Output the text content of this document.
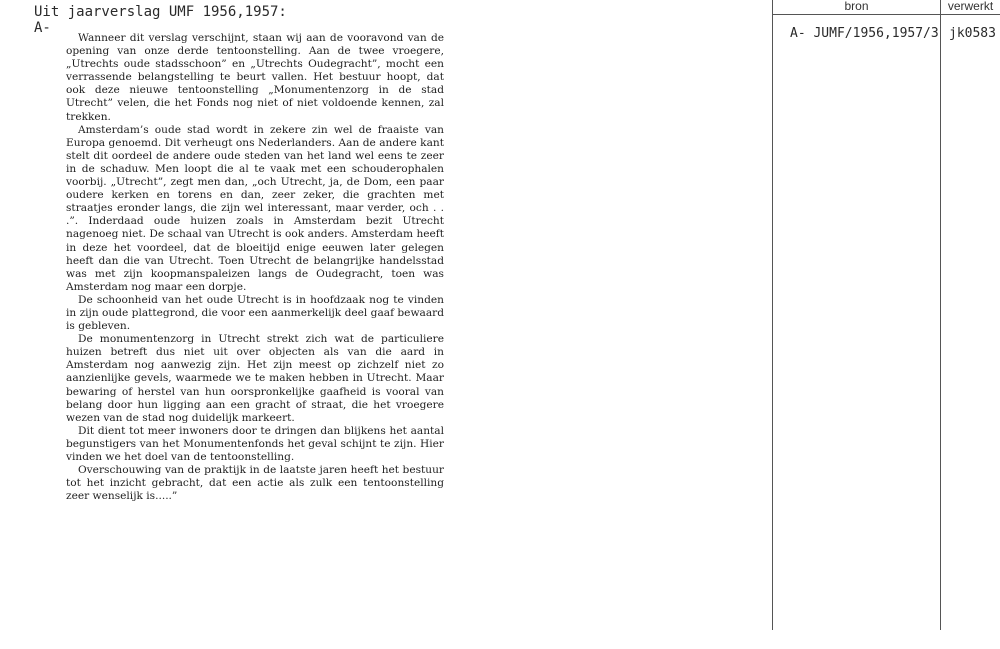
Uit jaarverslag UMF 1956,1957:
A-

Wanneer dit verslag verschijnt, staan wij aan de vooravond van de opening van onze derde tentoonstelling. Aan de twee vroegere, „Utrechts oude stadsschoon” en „Utrechts Oudegracht”, mocht een verrassende belangstelling te beurt vallen. Het bestuur hoopt, dat ook deze nieuwe tentoonstelling „Monumentenzorg in de stad Utrecht” velen, die het Fonds nog niet of niet voldoende kennen, zal trekken.

Amsterdam’s oude stad wordt in zekere zin wel de fraaiste van Europa genoemd. Dit verheugt ons Nederlanders. Aan de andere kant stelt dit oordeel de andere oude steden van het land wel eens te zeer in de schaduw. Men loopt die al te vaak met een schouderophalen voorbij. „Utrecht”, zegt men dan, „och Utrecht, ja, de Dom, een paar oudere kerken en torens en dan, zeer zeker, die grachten met straatjes eronder langs, die zijn wel interessant, maar verder, och . . .”. Inderdaad oude huizen zoals in Amsterdam bezit Utrecht nagenoeg niet. De schaal van Utrecht is ook anders. Amsterdam heeft in deze het voordeel, dat de bloeitijd enige eeuwen later gelegen heeft dan die van Utrecht. Toen Utrecht de belangrijke handelsstad was met zijn koopmanspaleizen langs de Oudegracht, toen was Amsterdam nog maar een dorpje.

De schoonheid van het oude Utrecht is in hoofdzaak nog te vinden in zijn oude plattegrond, die voor een aanmerkelijk deel gaaf bewaard is gebleven.

De monumentenzorg in Utrecht strekt zich wat de particuliere huizen betreft dus niet uit over objecten als van die aard in Amsterdam nog aanwezig zijn. Het zijn meest op zichzelf niet zo aanzienlijke gevels, waarmede we te maken hebben in Utrecht. Maar bewaring of herstel van hun oorspronkelijke gaafheid is vooral van belang door hun ligging aan een gracht of straat, die het vroegere wezen van de stad nog duidelijk markeert.

Dit dient tot meer inwoners door te dringen dan blijkens het aantal begunstigers van het Monumentenfonds het geval schijnt te zijn. Hier vinden we het doel van de tentoonstelling.

Overschouwing van de praktijk in de laatste jaren heeft het bestuur tot het inzicht gebracht, dat een actie als zulk een tentoonstelling zeer wenselijk is.....”

bron	verwerkt
A- JUMF/1956,1957/3 jk0583
